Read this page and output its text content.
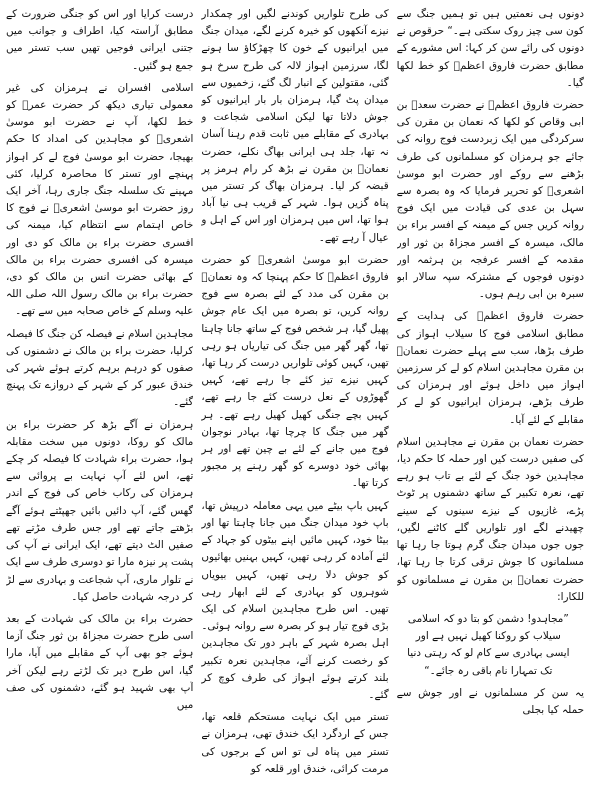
دونوں ہی نعمتیں ہیں تو ہمیں جنگ سے کون سی چیز روک سکتی ہے۔“ حرقوص نے دونوں کی رائے سن کر کہا: اس مشورے کے مطابق حضرت فاروق اعظمؓ کو خط لکھا گیا۔

حضرت فاروق اعظمؓ نے حضرت سعدؓ بن ابی وقاص کو لکھا کہ نعمان بن مقرن کی سرکردگی میں ایک زبردست فوج روانہ کی جائے جو ہرمزان کو مسلمانوں کی طرف بڑھنے سے روکے اور حضرت ابو موسیٰ اشعریؓ کو تحریر فرمایا کہ وہ بصرہ سے سہل بن عدی کی قیادت میں ایک فوج روانہ کریں جس کے میمنہ کے افسر براء بن مالک، میسرہ کے افسر مجزاۃ بن ثور اور مقدمہ کے افسر عرفجہ بن ہرثمہ اور دونوں فوجوں کے مشترکہ سپہ سالار ابو سبرہ بن ابی رہم ہوں۔

حضرت فاروق اعظمؓ کی ہدایت کے مطابق اسلامی فوج کا سیلاب اہواز کی طرف بڑھا، سب سے پہلے حضرت نعمانؓ بن مقرن مجاہدین اسلام کو لے کر سرزمین اہواز میں داخل ہوئے اور ہرمزان کی طرف بڑھے، ہرمزان ایرانیوں کو لے کر مقابلے کے لئے آیا۔

حضرت نعمان بن مقرن نے مجاہدین اسلام کی صفیں درست کیں اور حملہ کا حکم دیا، مجاہدین خود جنگ کے لئے بے تاب ہو رہے تھے، نعرہ تکبیر کے ساتھ دشمنوں پر ٹوٹ پڑے، غازیوں کے نیزے سینوں کے سینے چھیدنے لگے اور تلواریں گلے کاٹنے لگیں، جوں جوں میدان جنگ گرم ہوتا جا رہا تھا مسلمانوں کا جوش ترقی کرتا جا رہا تھا، حضرت نعمانؓ بن مقرن نے مسلمانوں کو للکارا:

”مجاہدو! دشمن کو بتا دو کہ اسلامی سیلاب کو روکنا کھیل نہیں ہے اور ایسی بہادری سے کام لو کہ رہتی دنیا تک تمہارا نام باقی رہ جائے۔“

یہ سن کر مسلمانوں نے اور جوش سے حملہ کیا بجلی

کی طرح تلواریں کوندنے لگیں اور چمکدار نیزے آنکھوں کو خیرہ کرنے لگے، میدان جنگ میں ایرانیوں کے خون کا چھڑکاؤ سا ہونے لگا، سرزمین اہواز لالہ کی طرح سرخ ہو گئی، مقتولین کے انبار لگ گئے، زخمیوں سے میدان پٹ گیا، ہرمزان بار بار ایرانیوں کو جوش دلاتا تھا لیکن اسلامی شجاعت و بہادری کے مقابلے میں ثابت قدم رہنا آسان نہ تھا، جلد ہی ایرانی بھاگ نکلے، حضرت نعمانؓ بن مقرن نے بڑھ کر رام ہرمز پر قبضہ کر لیا۔ ہرمزان بھاگ کر تستر میں پناہ گزیں ہوا۔ شہر کے قریب ہی نیا آباد ہوا تھا، اس میں ہرمزان اور اس کے اہل و عیال آ رہے تھے۔

حضرت ابو موسیٰ اشعریؓ کو حضرت فاروق اعظمؓ کا حکم پہنچا کہ وہ نعمانؓ بن مقرن کی مدد کے لئے بصرہ سے فوج روانہ کریں، تو بصرہ میں ایک عام جوش پھیل گیا، ہر شخص فوج کے ساتھ جانا چاہتا تھا، گھر گھر میں جنگ کی تیاریاں ہو رہی تھیں، کہیں کوئی تلواریں درست کر رہا تھا، کہیں نیزے تیز کئے جا رہے تھے، کہیں گھوڑوں کے نعل درست کئے جا رہے تھے، کہیں بچے جنگی کھیل کھیل رہے تھے۔ ہر گھر میں جنگ کا چرچا تھا، بہادر نوجوان فوج میں جانے کے لئے بے چین تھے اور ہر بھائی خود دوسرے کو گھر رہنے پر مجبور کرتا تھا۔

کہیں باپ بیٹے میں یہی معاملہ درپیش تھا، باپ خود میدان جنگ میں جانا چاہتا تھا اور بیٹا خود، کہیں مائیں اپنے بیٹوں کو جہاد کے لئے آمادہ کر رہی تھیں، کہیں بہنیں بھائیوں کو جوش دلا رہی تھیں، کہیں بیویاں شوہروں کو بہادری کے لئے ابھار رہی تھیں۔ اس طرح مجاہدین اسلام کی ایک بڑی فوج تیار ہو کر بصرہ سے روانہ ہوئی۔ اہل بصرہ شہر کے باہر دور تک مجاہدین کو رخصت کرنے آئے، مجاہدین نعرہ تکبیر بلند کرتے ہوئے اہواز کی طرف کوچ کر گئے۔

تستر میں ایک نہایت مستحکم قلعہ تھا، جس کے اردگرد ایک خندق تھی، ہرمزان نے تستر میں پناہ لی تو اس کے برجوں کی مرمت کرائی، خندق اور قلعہ کو

درست کرایا اور اس کو جنگی ضرورت کے مطابق آراستہ کیا، اطراف و جوانب میں جتنی ایرانی فوجیں تھیں سب تستر میں جمع ہو گئیں۔

اسلامی افسران نے ہرمزان کی غیر معمولی تیاری دیکھ کر حضرت عمرؓ کو خط لکھا، آپ نے حضرت ابو موسیٰ اشعریؓ کو مجاہدین کی امداد کا حکم بھیجا، حضرت ابو موسیٰ فوج لے کر اہواز پہنچے اور تستر کا محاصرہ کرلیا، کئی مہینے تک سلسلہ جنگ جاری رہا، آخر ایک روز حضرت ابو موسیٰ اشعریؓ نے فوج کا خاص اہتمام سے انتظام کیا، میمنہ کی افسری حضرت براء بن مالک کو دی اور میسرہ کی افسری حضرت براء بن مالک کے بھائی حضرت انس بن مالک کو دی، حضرت براء بن مالک رسول اللہ صلی اللہ علیہ وسلم کے خاص صحابہ میں سے تھے۔

مجاہدین اسلام نے فیصلہ کن جنگ کا فیصلہ کرلیا، حضرت براء بن مالک نے دشمنوں کی صفوں کو درہم برہم کرتے ہوئے شہر کی خندق عبور کر کے شہر کے دروازے تک پہنچ گئے۔

ہرمزان نے آگے بڑھ کر حضرت براء بن مالک کو روکا، دونوں میں سخت مقابلہ ہوا، حضرت براء شہادت کا فیصلہ کر چکے تھے، اس لئے آپ نہایت بے پروائی سے ہرمزان کی رکاب خاص کی فوج کے اندر گھس گئے، آپ دائیں بائیں جھپٹتے ہوئے آگے بڑھتے جاتے تھے اور جس طرف مڑتے تھے صفیں الٹ دیتے تھے، ایک ایرانی نے آپ کی پشت پر نیزہ مارا تو دوسری طرف سے ایک نے تلوار ماری، آپ شجاعت و بہادری سے لڑ کر درجہ شہادت حاصل کیا۔

حضرت براء بن مالک کی شہادت کے بعد اسی طرح حضرت مجزاۃ بن ثور جنگ آزما ہوئے جو بھی آپ کے مقابلے میں آیا، مارا گیا، اس طرح دیر تک لڑتے رہے لیکن آخر آپ بھی شہید ہو گئے، دشمنوں کی صف میں
